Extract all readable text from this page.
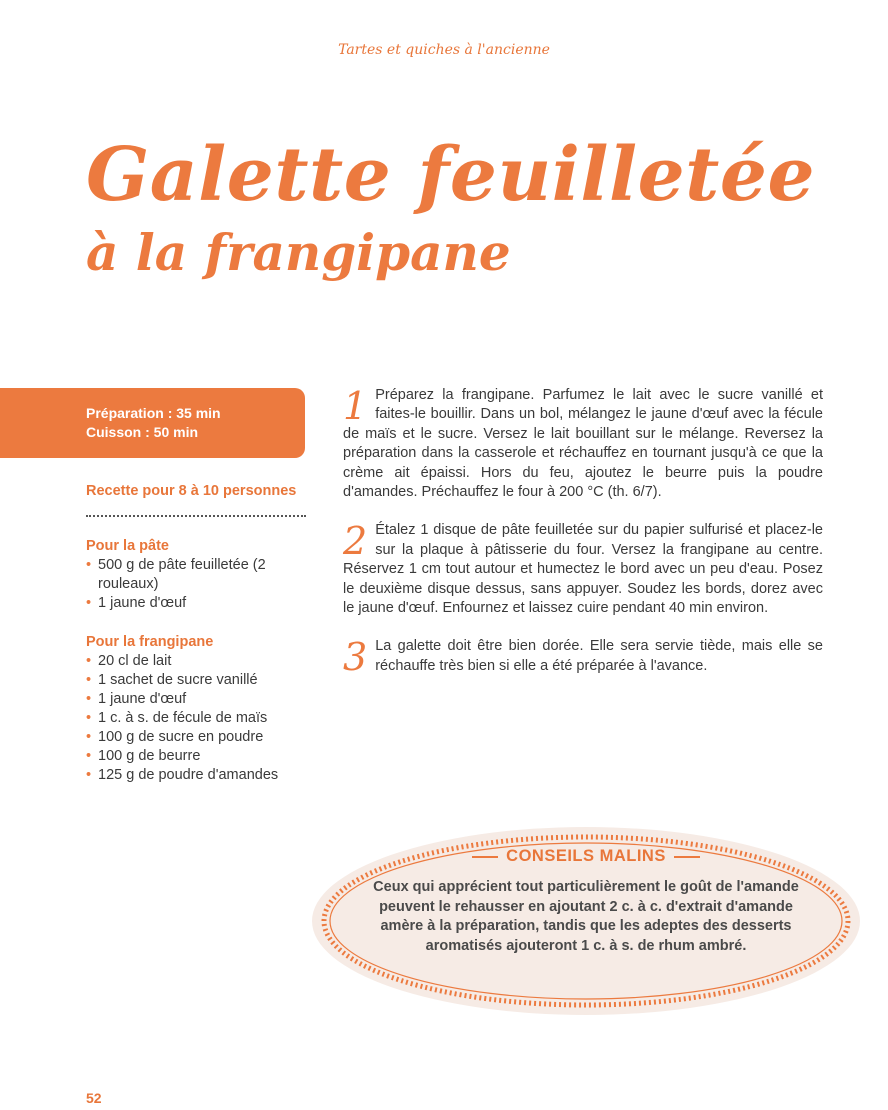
Tartes et quiches à l'ancienne
Galette feuilletée
à la frangipane
Préparation : 35 min
Cuisson : 50 min
Recette pour 8 à 10 personnes
Pour la pâte
• 500 g de pâte feuilletée (2 rouleaux)
• 1 jaune d'œuf
Pour la frangipane
• 20 cl de lait
• 1 sachet de sucre vanillé
• 1 jaune d'œuf
• 1 c. à s. de fécule de maïs
• 100 g de sucre en poudre
• 100 g de beurre
• 125 g de poudre d'amandes
1 Préparez la frangipane. Parfumez le lait avec le sucre vanillé et faites-le bouillir. Dans un bol, mélangez le jaune d'œuf avec la fécule de maïs et le sucre. Versez le lait bouillant sur le mélange. Reversez la préparation dans la casserole et réchauffez en tournant jusqu'à ce que la crème ait épaissi. Hors du feu, ajoutez le beurre puis la poudre d'amandes. Préchauffez le four à 200 °C (th. 6/7).
2 Étalez 1 disque de pâte feuilletée sur du papier sulfurisé et placez-le sur la plaque à pâtisserie du four. Versez la frangipane au centre. Réservez 1 cm tout autour et humectez le bord avec un peu d'eau. Posez le deuxième disque dessus, sans appuyer. Soudez les bords, dorez avec le jaune d'œuf. Enfournez et laissez cuire pendant 40 min environ.
3 La galette doit être bien dorée. Elle sera servie tiède, mais elle se réchauffe très bien si elle a été préparée à l'avance.
CONSEILS MALINS
Ceux qui apprécient tout particulièrement le goût de l'amande peuvent le rehausser en ajoutant 2 c. à c. d'extrait d'amande amère à la préparation, tandis que les adeptes des desserts aromatisés ajouteront 1 c. à s. de rhum ambré.
52
